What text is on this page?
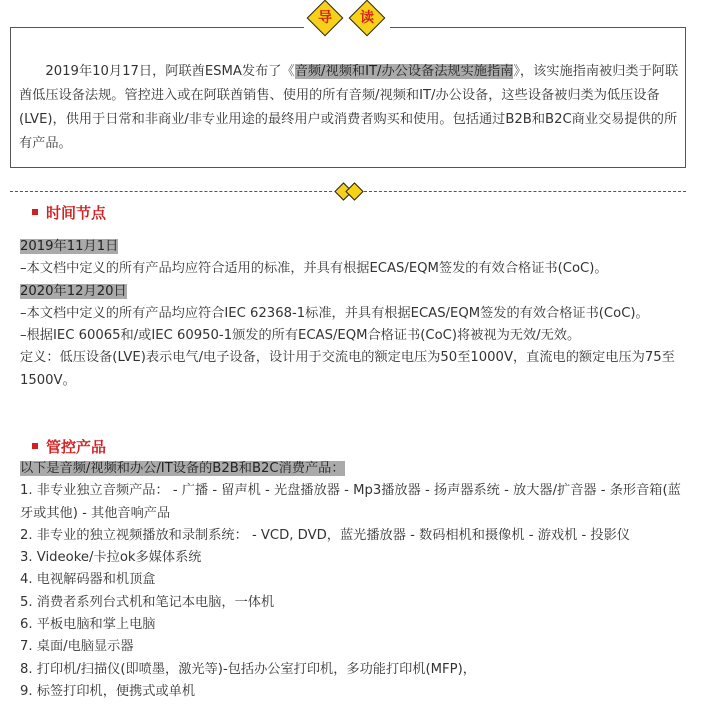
2019年10月17日，阿联酋ESMA发布了《音频/视频和IT/办公设备法规实施指南》，该实施指南被归类于阿联酋低压设备法规。管控进入或在阿联酋销售、使用的所有音频/视频和IT/办公设备，这些设备被归类为低压设备 (LVE)，供用于日常和非商业/非专业用途的最终用户或消费者购买和使用。包括通过B2B和B2C商业交易提供的所有产品。

导	读
时间节点
2019年11月1日
–本文档中定义的所有产品均应符合适用的标准，并具有根据ECAS/EQM签发的有效合格证书(CoC)。
2020年12月20日
–本文档中定义的所有产品均应符合IEC 62368-1标准，并具有根据ECAS/EQM签发的有效合格证书(CoC)。
–根据IEC 60065和/或IEC 60950-1颁发的所有ECAS/EQM合格证书(CoC)将被视为无效/无效。
定义：低压设备(LVE)表示电气/电子设备，设计用于交流电的额定电压为50至1000V，直流电的额定电压为75至1500V。
管控产品
以下是音频/视频和办公/IT设备的B2B和B2C消费产品：
1. 非专业独立音频产品： - 广播 - 留声机 - 光盘播放器 - Mp3播放器 - 扬声器系统 - 放大器/扩音器 - 条形音箱(蓝牙或其他) - 其他音响产品
2. 非专业的独立视频播放和录制系统： - VCD, DVD，蓝光播放器 - 数码相机和摄像机 - 游戏机 - 投影仪
3. Videoke/卡拉ok多媒体系统
4. 电视解码器和机顶盒
5. 消费者系列台式机和笔记本电脑，一体机
6. 平板电脑和掌上电脑
7. 桌面/电脑显示器
8. 打印机/扫描仪(即喷墨，激光等)-包括办公室打印机，多功能打印机(MFP)，
9. 标签打印机，便携式或单机
